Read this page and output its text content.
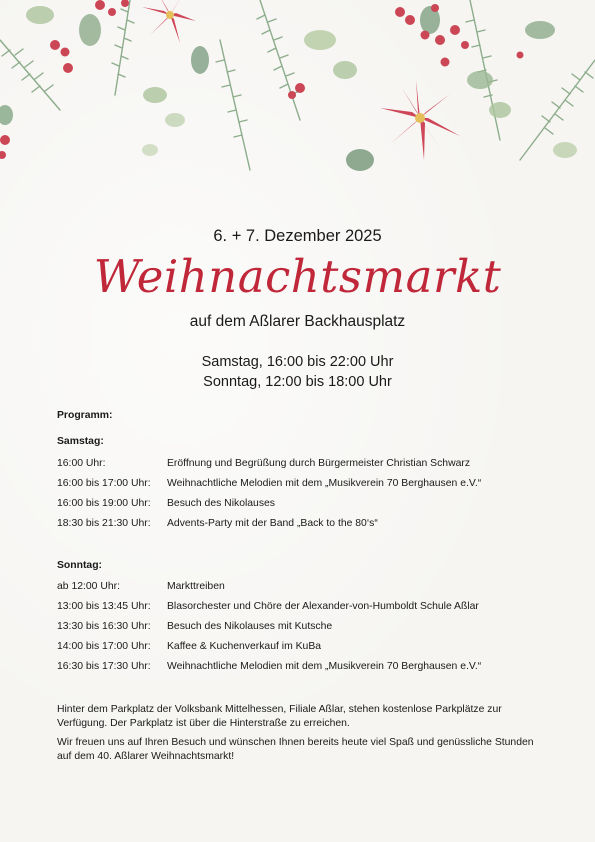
6. + 7. Dezember 2025
Weihnachtsmarkt
auf dem Aßlarer Backhausplatz
Samstag, 16:00 bis 22:00 Uhr
Sonntag, 12:00 bis 18:00 Uhr
Programm:
Samstag:
16:00 Uhr:	Eröffnung und Begrüßung durch Bürgermeister Christian Schwarz
16:00 bis 17:00 Uhr: Weihnachtliche Melodien mit dem „Musikverein 70 Berghausen e.V.“
16:00 bis 19:00 Uhr: Besuch des Nikolauses
18:30 bis 21:30 Uhr: Advents-Party mit der Band „Back to the 80‘s“
Sonntag:
ab 12:00 Uhr:	Markttreiben
13:00 bis 13:45 Uhr: Blasorchester und Chöre der Alexander-von-Humboldt Schule Aßlar
13:30 bis 16:30 Uhr: Besuch des Nikolauses mit Kutsche
14:00 bis 17:00 Uhr: Kaffee & Kuchenverkauf im KuBa
16:30 bis 17:30 Uhr: Weihnachtliche Melodien mit dem „Musikverein 70 Berghausen e.V.“

Hinter dem Parkplatz der Volksbank Mittelhessen, Filiale Aßlar, stehen kostenlose Parkplätze zur Verfügung. Der Parkplatz ist über die Hinterstraße zu erreichen.

Wir freuen uns auf Ihren Besuch und wünschen Ihnen bereits heute viel Spaß und genüssliche Stunden auf dem 40. Aßlarer Weihnachtsmarkt!
